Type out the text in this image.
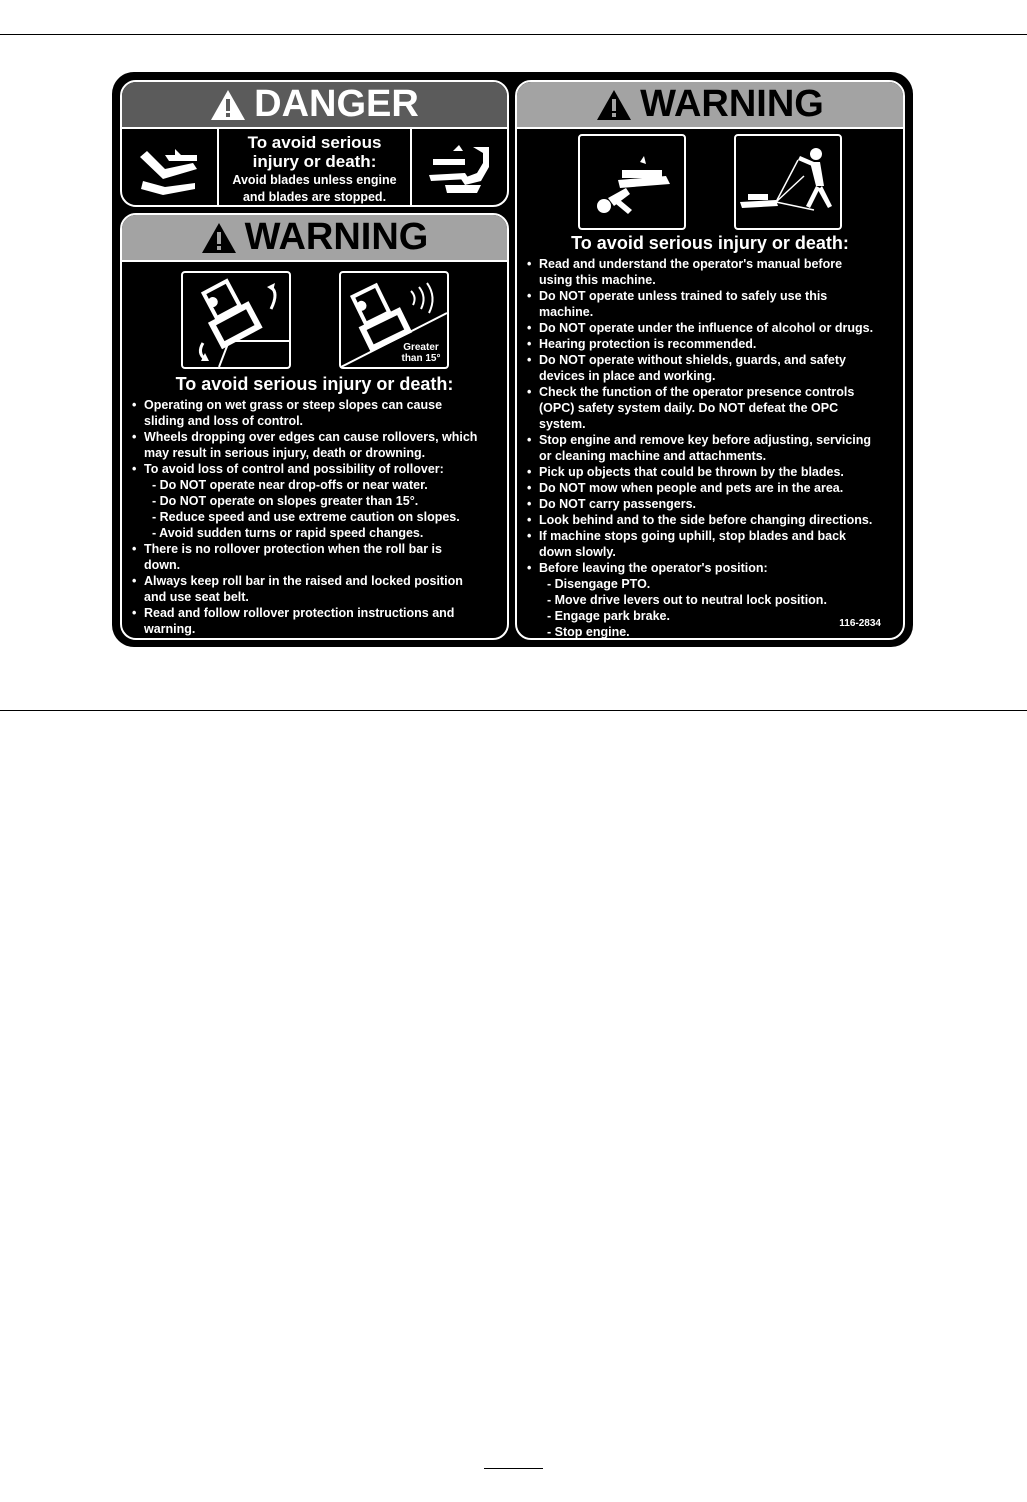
DANGER
To avoid serious
injury or death:
Avoid blades unless engine
and blades are stopped.
WARNING
Greater
than 15°
To avoid serious injury or death:
• Operating on wet grass or steep slopes can cause
sliding and loss of control.
• Wheels dropping over edges can cause rollovers, which
may result in serious injury, death or drowning.
• To avoid loss of control and possibility of rollover:
- Do NOT operate near drop-offs or near water.
- Do NOT operate on slopes greater than 15°.
- Reduce speed and use extreme caution on slopes.
- Avoid sudden turns or rapid speed changes.
• There is no rollover protection when the roll bar is
down.
• Always keep roll bar in the raised and locked position
and use seat belt.
• Read and follow rollover protection instructions and
warning.
WARNING
To avoid serious injury or death:
• Read and understand the operator's manual before
using this machine.
• Do NOT operate unless trained to safely use this
machine.
• Do NOT operate under the influence of alcohol or drugs.
• Hearing protection is recommended.
• Do NOT operate without shields, guards, and safety
devices in place and working.
• Check the function of the operator presence controls
(OPC) safety system daily. Do NOT defeat the OPC
system.
• Stop engine and remove key before adjusting, servicing
or cleaning machine and attachments.
• Pick up objects that could be thrown by the blades.
• Do NOT mow when people and pets are in the area.
• Do NOT carry passengers.
• Look behind and to the side before changing directions.
• If machine stops going uphill, stop blades and back
down slowly.
• Before leaving the operator's position:
- Disengage PTO.
- Move drive levers out to neutral lock position.
- Engage park brake.
- Stop engine.
116-2834
